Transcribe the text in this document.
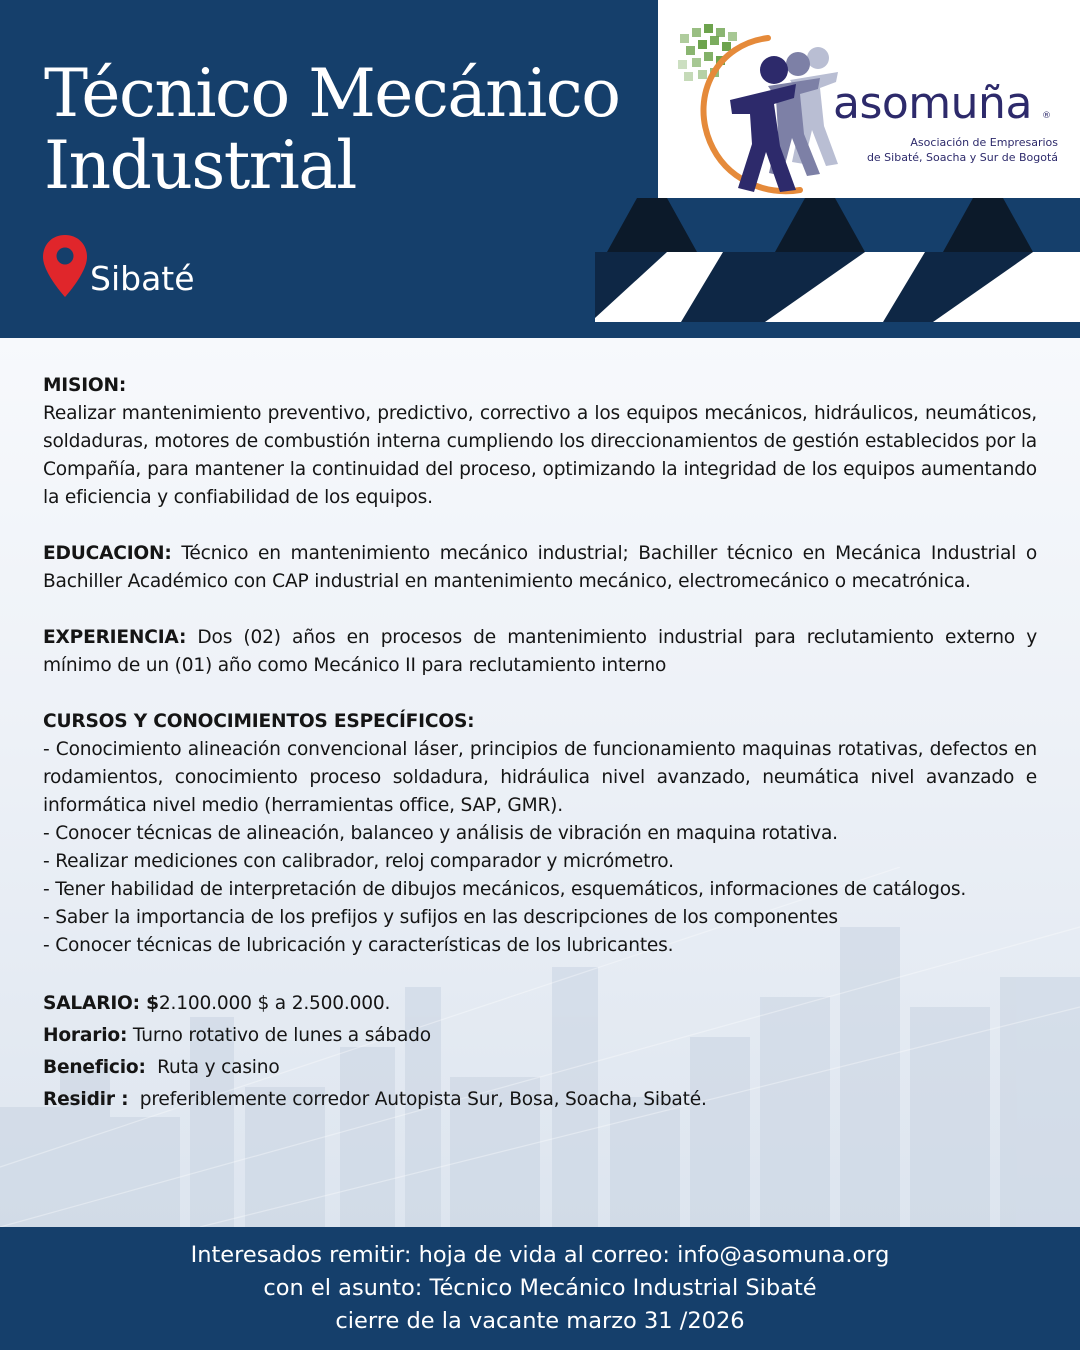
Técnico Mecánico
Industrial
Sibaté
asomuña ®
Asociación de Empresarios
de Sibaté, Soacha y Sur de Bogotá

MISION:

Realizar mantenimiento preventivo, predictivo, correctivo a los equipos mecánicos, hidráulicos, neumáticos, soldaduras, motores de combustión interna cumpliendo los direccionamientos de gestión establecidos por la Compañía, para mantener la continuidad del proceso, optimizando la integridad de los equipos aumentando la eficiencia y confiabilidad de los equipos.

EDUCACION: Técnico en mantenimiento mecánico industrial; Bachiller técnico en Mecánica Industrial o Bachiller Académico con CAP industrial en mantenimiento mecánico, electromecánico o mecatrónica.

EXPERIENCIA: Dos (02) años en procesos de mantenimiento industrial para reclutamiento externo y mínimo de un (01) año como Mecánico II para reclutamiento interno

CURSOS Y CONOCIMIENTOS ESPECÍFICOS:

- Conocimiento alineación convencional láser, principios de funcionamiento maquinas rotativas, defectos en rodamientos, conocimiento proceso soldadura, hidráulica nivel avanzado, neumática nivel avanzado e informática nivel medio (herramientas office, SAP, GMR).

- Conocer técnicas de alineación, balanceo y análisis de vibración en maquina rotativa.

- Realizar mediciones con calibrador, reloj comparador y micrómetro.

- Tener habilidad de interpretación de dibujos mecánicos, esquemáticos, informaciones de catálogos.

- Saber la importancia de los prefijos y sufijos en las descripciones de los componentes

- Conocer técnicas de lubricación y características de los lubricantes.

SALARIO: $2.100.000 $ a 2.500.000.

Horario: Turno rotativo de lunes a sábado

Beneficio:  Ruta y casino

Residir :  preferiblemente corredor Autopista Sur, Bosa, Soacha, Sibaté.

Interesados remitir: hoja de vida al correo: info@asomuna.org
con el asunto: Técnico Mecánico Industrial Sibaté
cierre de la vacante marzo 31 /2026
